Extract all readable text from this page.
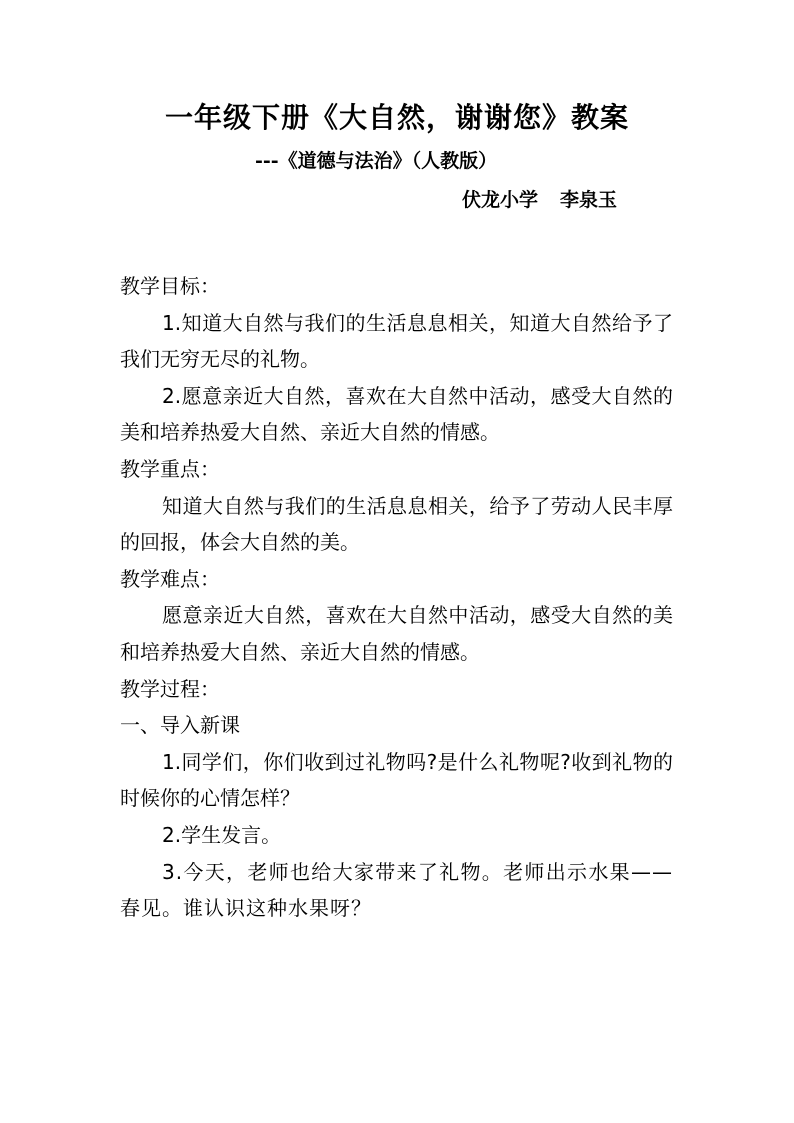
一年级下册《大自然，谢谢您》教案
---《道德与法治》（人教版）
伏龙小学 李泉玉

教学目标：

1.知道大自然与我们的生活息息相关，知道大自然给予了我们无穷无尽的礼物。

2.愿意亲近大自然，喜欢在大自然中活动，感受大自然的美和培养热爱大自然、亲近大自然的情感。

教学重点：

知道大自然与我们的生活息息相关，给予了劳动人民丰厚的回报，体会大自然的美。

教学难点：

愿意亲近大自然，喜欢在大自然中活动，感受大自然的美和培养热爱大自然、亲近大自然的情感。

教学过程：

一、导入新课

1.同学们，你们收到过礼物吗?是什么礼物呢?收到礼物的时候你的心情怎样？

2.学生发言。

3.今天，老师也给大家带来了礼物。老师出示水果——春见。谁认识这种水果呀？
